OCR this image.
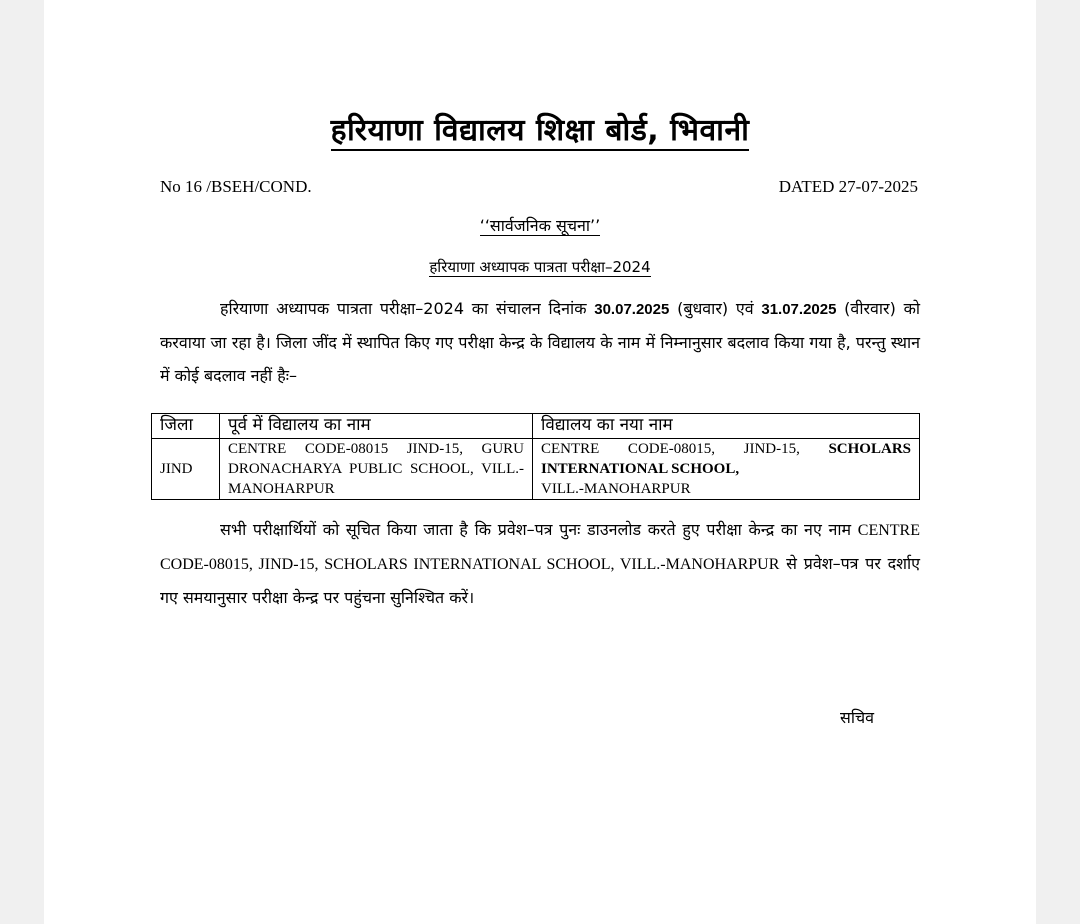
हरियाणा विद्यालय शिक्षा बोर्ड, भिवानी
No 16 /BSEH/COND.	DATED 27-07-2025
‘‘सार्वजनिक सूचना’’
हरियाणा अध्यापक पात्रता परीक्षा–2024
हरियाणा अध्यापक पात्रता परीक्षा–2024 का संचालन दिनांक 30.07.2025 (बुधवार) एवं 31.07.2025 (वीरवार) को करवाया जा रहा है। जिला जींद में स्थापित किए गए परीक्षा केन्द्र के विद्यालय के नाम में निम्नानुसार बदलाव किया गया है, परन्तु स्थान में कोई बदलाव नहीं हैः–
जिला	पूर्व में विद्यालय का नाम	विद्यालय का नया नाम
JIND	CENTRE CODE-08015 JIND-15, GURU DRONACHARYA PUBLIC SCHOOL, VILL.-MANOHARPUR	CENTRE CODE-08015, JIND-15, SCHOLARS INTERNATIONAL SCHOOL,
VILL.-MANOHARPUR
सभी परीक्षार्थियों को सूचित किया जाता है कि प्रवेश–पत्र पुनः डाउनलोड करते हुए परीक्षा केन्द्र का नए नाम CENTRE CODE-08015, JIND-15, SCHOLARS INTERNATIONAL SCHOOL, VILL.-MANOHARPUR से प्रवेश–पत्र पर दर्शाए गए समयानुसार परीक्षा केन्द्र पर पहुंचना सुनिश्चित करें।
सचिव
